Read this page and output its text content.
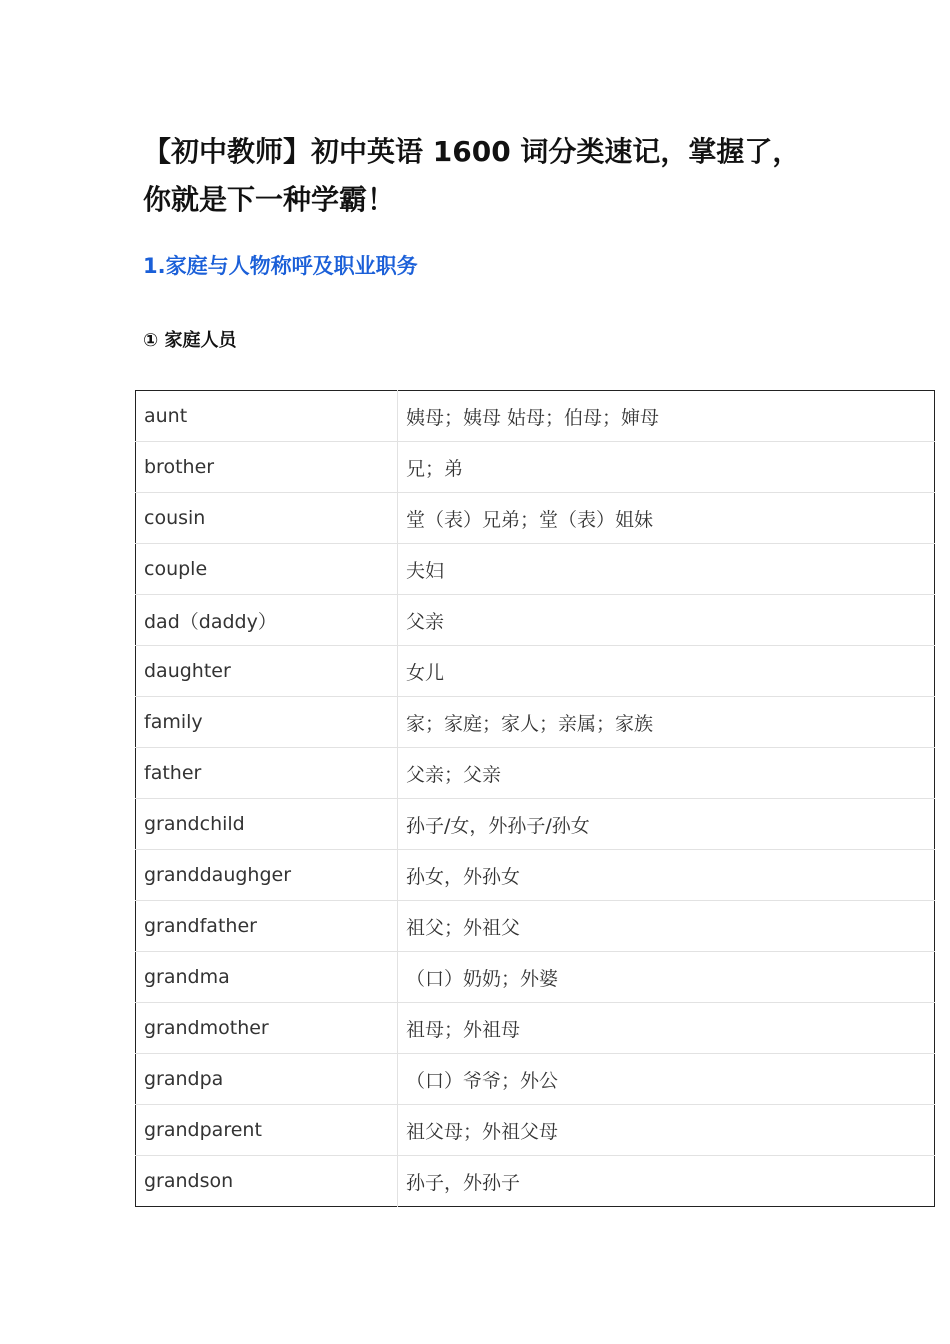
【初中教师】初中英语 1600 词分类速记，掌握了，
你就是下一种学霸！
1.家庭与人物称呼及职业职务
① 家庭人员
aunt	姨母；姨母 姑母；伯母；婶母
brother	兄；弟
cousin	堂（表）兄弟；堂（表）姐妹
couple	夫妇
dad（daddy）	父亲
daughter	女儿
family	家；家庭；家人；亲属；家族
father	父亲；父亲
grandchild	孙子/女，外孙子/孙女
granddaughger	孙女，外孙女
grandfather	祖父；外祖父
grandma	（口）奶奶；外婆
grandmother	祖母；外祖母
grandpa	（口）爷爷；外公
grandparent	祖父母；外祖父母
grandson	孙子，外孙子
